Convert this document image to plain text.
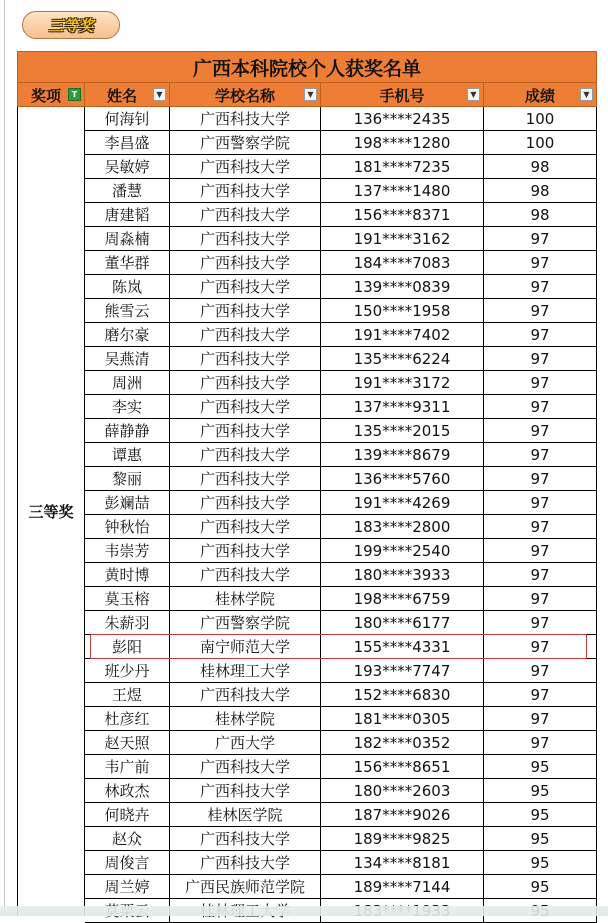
三等奖
广西本科院校个人获奖名单
奖项	T 姓名	▼	学校名称	▼	手机号	▼	成绩	▼
三等奖
何海钊	广西科技大学	136****2435	100
李昌盛	广西警察学院	198****1280	100
吴敏婷	广西科技大学	181****7235	98
潘慧	广西科技大学	137****1480	98
唐建韬	广西科技大学	156****8371	98
周淼楠	广西科技大学	191****3162	97
董华群	广西科技大学	184****7083	97
陈岚	广西科技大学	139****0839	97
熊雪云	广西科技大学	150****1958	97
磨尔豪	广西科技大学	191****7402	97
吴燕清	广西科技大学	135****6224	97
周洲	广西科技大学	191****3172	97
李实	广西科技大学	137****9311	97
薛静静	广西科技大学	135****2015	97
谭惠	广西科技大学	139****8679	97
黎丽	广西科技大学	136****5760	97
彭斓喆	广西科技大学	191****4269	97
钟秋怡	广西科技大学	183****2800	97
韦崇芳	广西科技大学	199****2540	97
黄时博	广西科技大学	180****3933	97
莫玉榕	桂林学院	198****6759	97
朱薪羽	广西警察学院	180****6177	97
彭阳	南宁师范大学	155****4331	97
班少丹	桂林理工大学	193****7747	97
王煜	广西科技大学	152****6830	97
杜彦红	桂林学院	181****0305	97
赵天照	广西大学	182****0352	97
韦广前	广西科技大学	156****8651	95
林政杰	广西科技大学	180****2603	95
何晓卉	桂林医学院	187****9026	95
赵众	广西科技大学	189****9825	95
周俊言	广西科技大学	134****8181	95
周兰婷	广西民族师范学院	189****7144	95
